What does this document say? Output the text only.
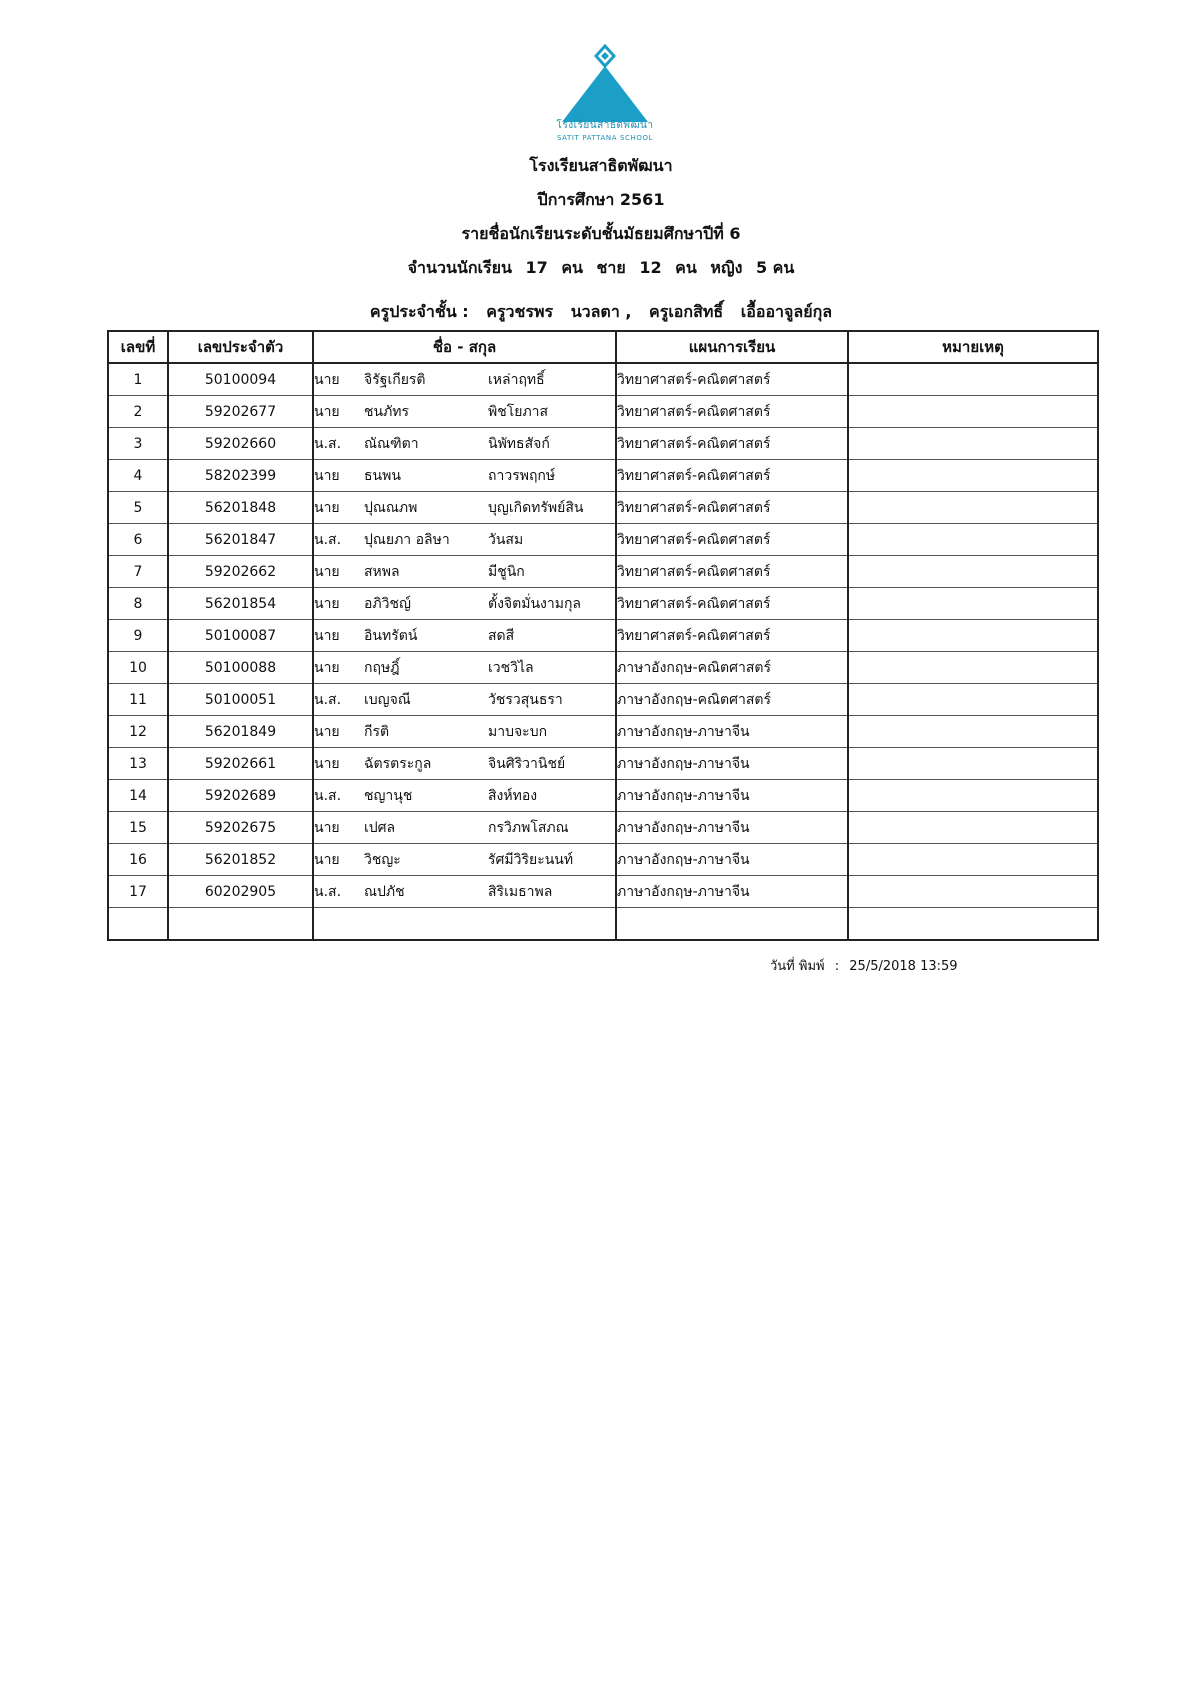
โรงเรียนสาธิตพัฒนา
SATIT PATTANA SCHOOL
โรงเรียนสาธิตพัฒนา
ปีการศึกษา 2561
รายชื่อนักเรียนระดับชั้นมัธยมศึกษาปีที่ 6
จำนวนนักเรียน 17 คน ชาย 12 คน หญิง 5 คน
ครูประจำชั้น : ครูวชรพร นวลตา , ครูเอกสิทธิ์ เอื้ออาจูลย์กุล
เลขที่	เลขประจำตัว	ชื่อ - สกุล	แผนการเรียน	หมายเหตุ
1	50100094	นาย จิรัฐเกียรติ เหล่าฤทธิ์	วิทยาศาสตร์-คณิตศาสตร์	
2	59202677	นาย ชนภัทร พิชโยภาส	วิทยาศาสตร์-คณิตศาสตร์	
3	59202660	น.ส. ณัณฑิตา นิพัทธสัจก์	วิทยาศาสตร์-คณิตศาสตร์	
4	58202399	นาย ธนพน ถาวรพฤกษ์	วิทยาศาสตร์-คณิตศาสตร์	
5	56201848	นาย ปุณณภพ บุญเกิดทรัพย์สิน	วิทยาศาสตร์-คณิตศาสตร์	
6	56201847	น.ส. ปุณยภา อลิษา วันสม	วิทยาศาสตร์-คณิตศาสตร์	
7	59202662	นาย สหพล มีชูนิก	วิทยาศาสตร์-คณิตศาสตร์	
8	56201854	นาย อภิวิชญ์ ตั้งจิตมั่นงามกุล	วิทยาศาสตร์-คณิตศาสตร์	
9	50100087	นาย อินทรัตน์ สดสี	วิทยาศาสตร์-คณิตศาสตร์	
10	50100088	นาย กฤษฎิ์ เวชวิไล	ภาษาอังกฤษ-คณิตศาสตร์	
11	50100051	น.ส. เบญจณี วัชรวสุนธรา	ภาษาอังกฤษ-คณิตศาสตร์	
12	56201849	นาย กีรติ มาบจะบก	ภาษาอังกฤษ-ภาษาจีน	
13	59202661	นาย ฉัตรตระกูล จินศิริวานิชย์	ภาษาอังกฤษ-ภาษาจีน	
14	59202689	น.ส. ชญานุช สิงห์ทอง	ภาษาอังกฤษ-ภาษาจีน	
15	59202675	นาย เปศล กรวิภพโสภณ	ภาษาอังกฤษ-ภาษาจีน	
16	56201852	นาย วิชญะ รัศมีวิริยะนนท์	ภาษาอังกฤษ-ภาษาจีน	
17	60202905	น.ส. ณปภัช สิริเมธาพล	ภาษาอังกฤษ-ภาษาจีน	

วันที่ พิมพ์ : 25/5/2018 13:59
